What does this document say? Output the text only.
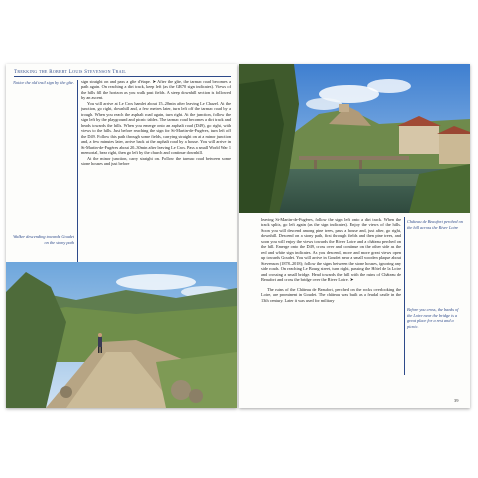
Trekking the Robert Louis Stevenson Trail
Notice the old trail sign by the gîte.
Walker descending towards Goudet on the stony path

sign straight on and pass a gîte d'étape. ➤ After the gîte, the tarmac road becomes a path again. On reaching a dirt track, keep left (as the GR70 sign indicates). Views of the hills fill the horizon as you walk past fields. A steep downhill section is followed by an ascent.

You will arrive at Le Cros hamlet about 15–20min after leaving Le Chazel. At the junction, go right, downhill and, a few metres later, turn left off the tarmac road by a trough. When you reach the asphalt road again, turn right. At the junction, follow the sign left by the playground and picnic tables. The tarmac road becomes a dirt track and heads towards the hills. When you emerge onto an asphalt road (D49), go right, with views to the hills. Just before reaching the sign for St-Martin-de-Fugères, turn left off the D49. Follow this path through some fields, carrying straight on at a minor junction and, a few minutes later, arrive back at the asphalt road by a house. You will arrive in St-Martin-de-Fugères about 20–30min after leaving Le Cros. Pass a small World War 1 memorial, bear right, then go left by the church and continue downhill.

At the minor junction, carry straight on. Follow the tarmac road between some stone houses and just before

leaving St-Martin-de-Fugères, follow the sign left onto a dirt track. When the track splits, go left again (as the sign indicates). Enjoy the views of the hills. Soon you will descend among pine trees, pass a house and, just after, go right, downhill. Descend on a stony path, first through fields and then pine trees, and soon you will enjoy the views towards the River Loire and a château perched on the hill. Emerge onto the D49, cross over and continue on the other side as the red and white sign indicates. As you descend, more and more great views open up towards Goudet. You will arrive in Goudet near a small wooden plaque about Stevenson (1878–2018); follow the signs between the stone houses, ignoring any side roads. On reaching Le Bourg street, turn right, passing the Hôtel de la Loire and crossing a small bridge. Head towards the hill with the ruins of Château de Beaufort and cross the bridge over the River Loire. ➤

The ruins of the Château de Beaufort, perched on the rocks overlooking the Loire, are prominent in Goudet. The château was built as a feudal castle in the 13th century. Later it was used for military

Château de Beaufort perched on the hill across the River Loire
Before you cross, the banks of the Loire near the bridge is a great place for a rest and a picnic.
39
